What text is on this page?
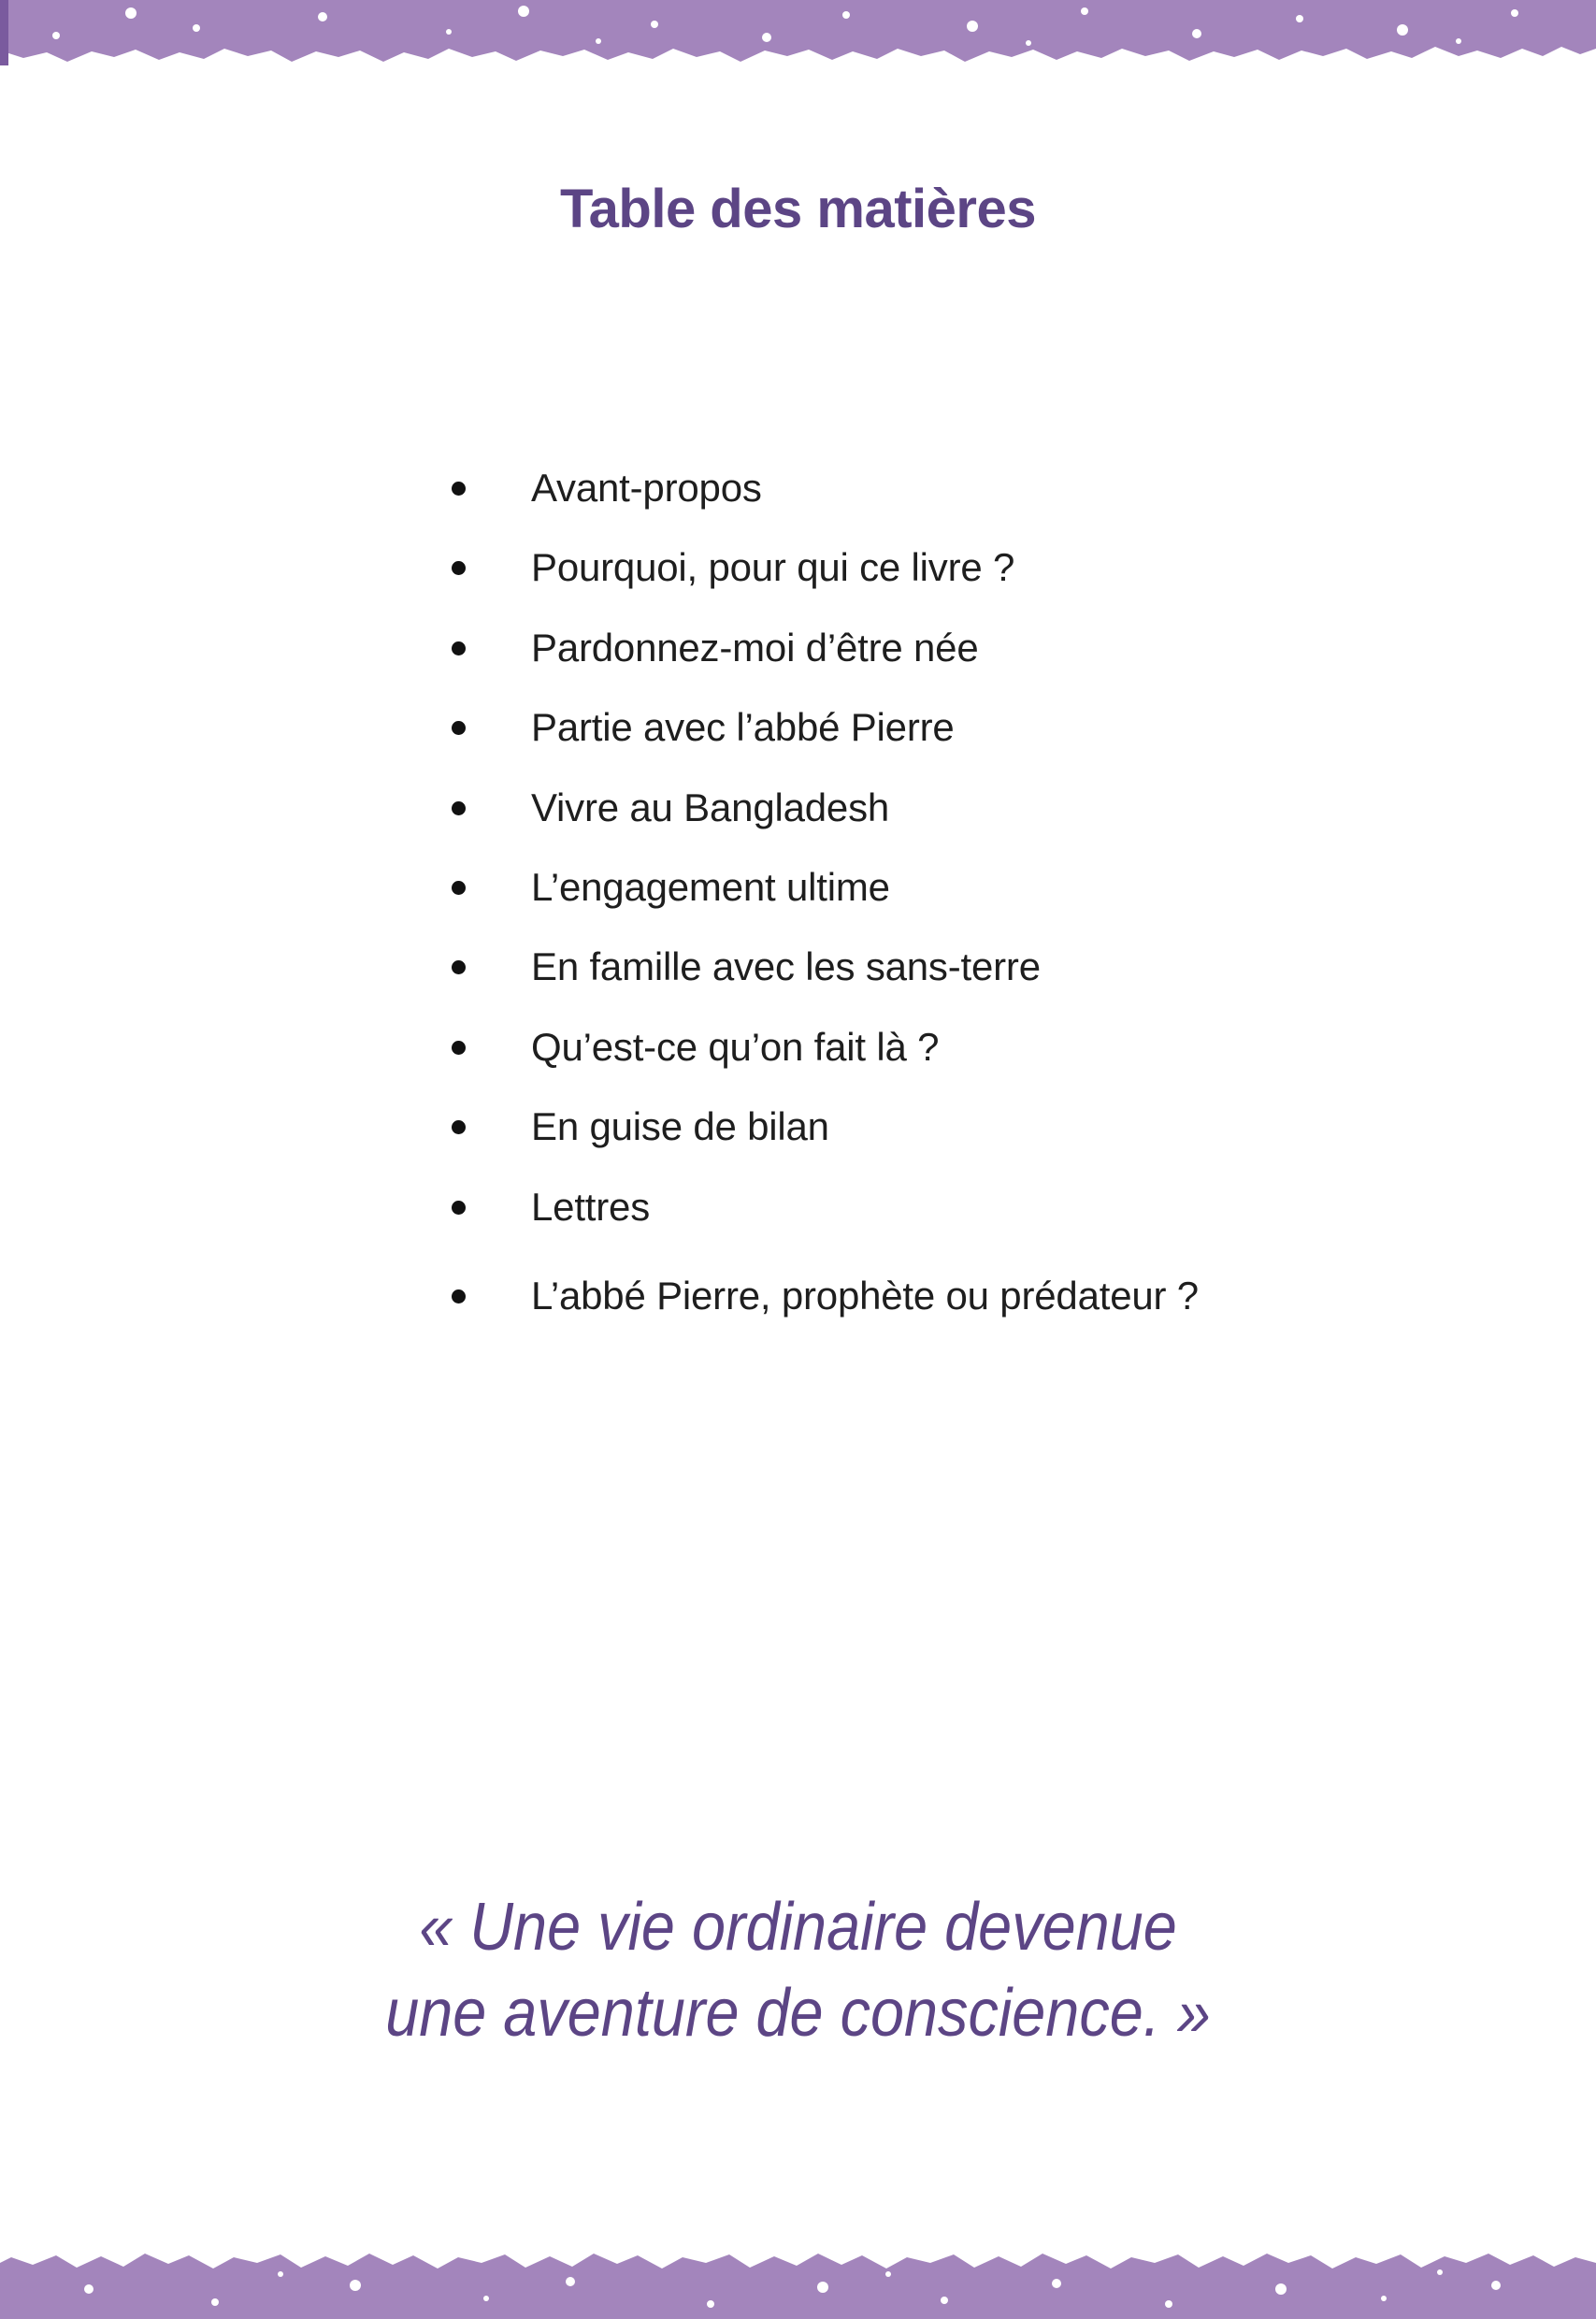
Table des matières
Avant-propos
Pourquoi, pour qui ce livre ?
Pardonnez-moi d’être née
Partie avec l’abbé Pierre
Vivre au Bangladesh
L’engagement ultime
En famille avec les sans-terre
Qu’est-ce qu’on fait là ?
En guise de bilan
Lettres
L’abbé Pierre, prophète ou prédateur ?

« Une vie ordinaire devenue
une aventure de conscience. »
